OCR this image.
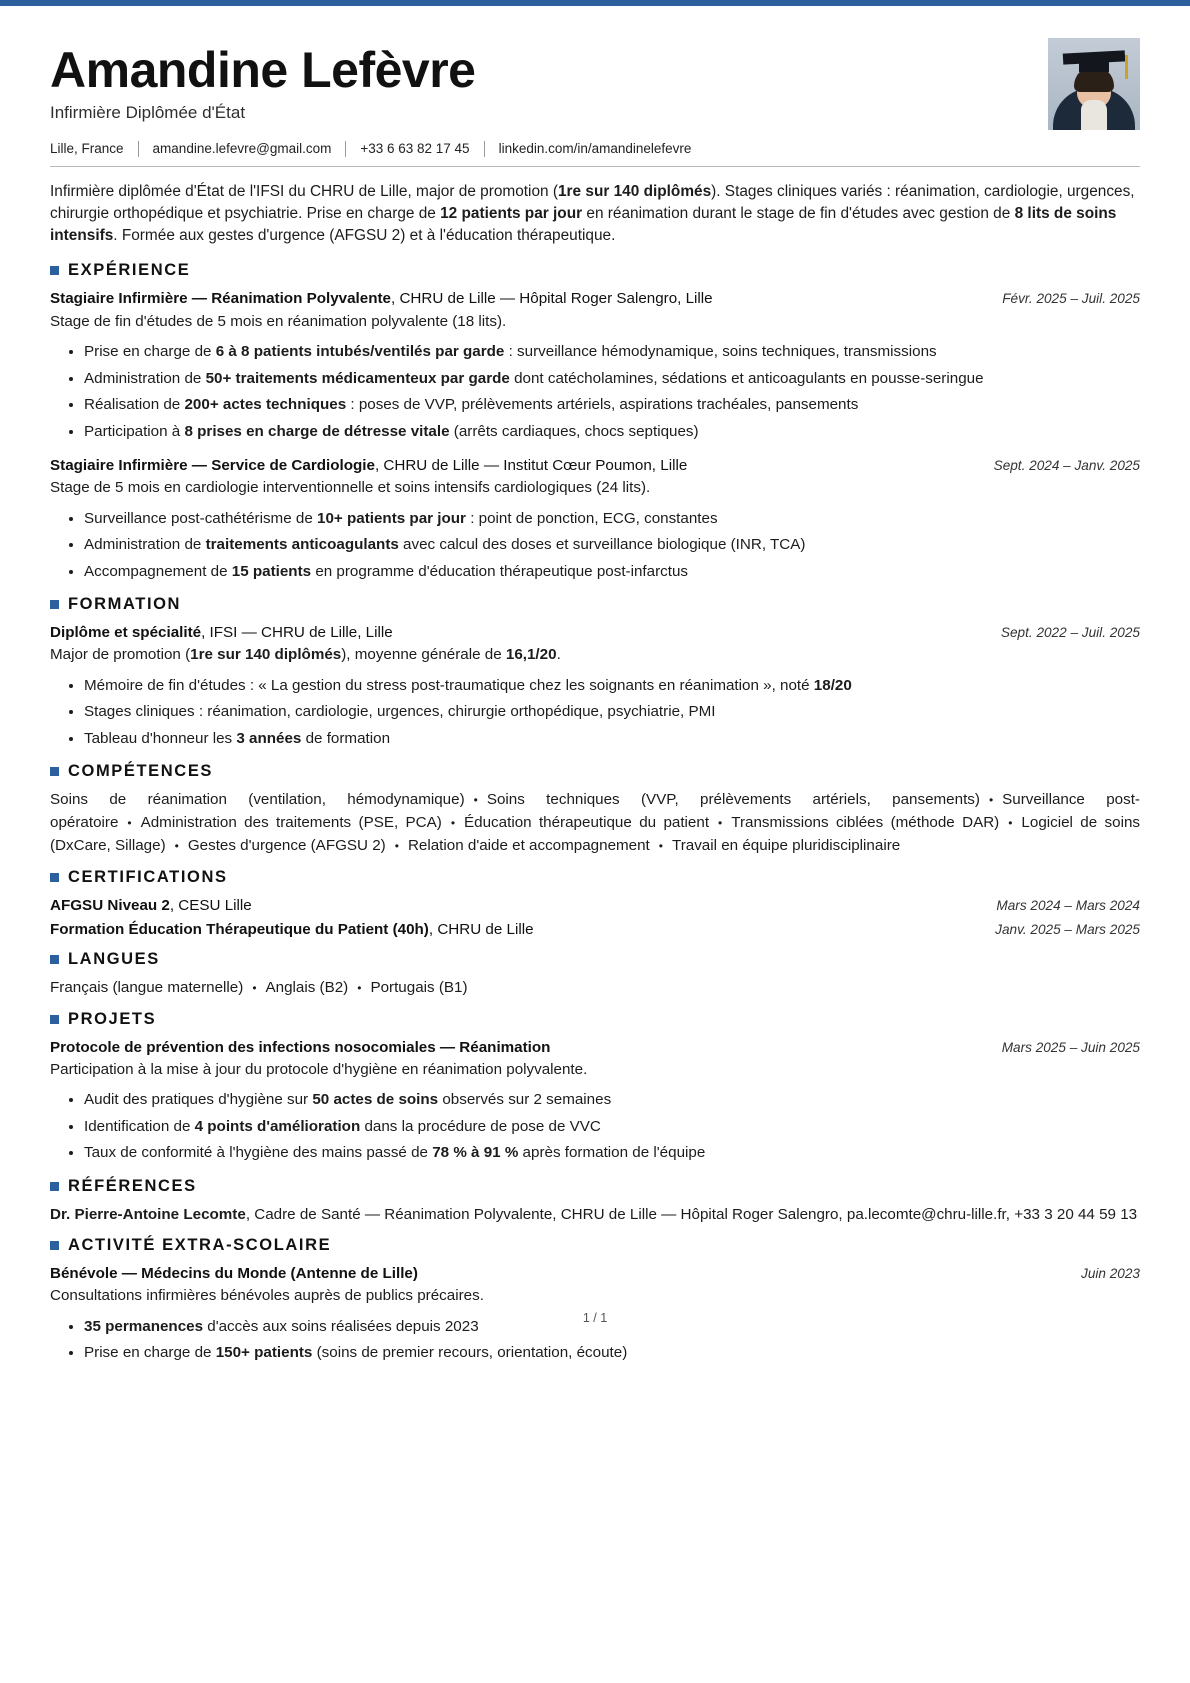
Amandine Lefèvre
Infirmière Diplômée d'État
Lille, France amandine.lefevre@gmail.com +33 6 63 82 17 45 linkedin.com/in/amandinelefevre

Infirmière diplômée d'État de l'IFSI du CHRU de Lille, major de promotion (1re sur 140 diplômés). Stages cliniques variés : réanimation, cardiologie, urgences, chirurgie orthopédique et psychiatrie. Prise en charge de 12 patients par jour en réanimation durant le stage de fin d'études avec gestion de 8 lits de soins intensifs. Formée aux gestes d'urgence (AFGSU 2) et à l'éducation thérapeutique.

EXPÉRIENCE
Stagiaire Infirmière — Réanimation Polyvalente, CHRU de Lille — Hôpital Roger Salengro, Lille	Févr. 2025 – Juil. 2025
Stage de fin d'études de 5 mois en réanimation polyvalente (18 lits).
• Prise en charge de 6 à 8 patients intubés/ventilés par garde : surveillance hémodynamique, soins techniques, transmissions
• Administration de 50+ traitements médicamenteux par garde dont catécholamines, sédations et anticoagulants en pousse-seringue
• Réalisation de 200+ actes techniques : poses de VVP, prélèvements artériels, aspirations trachéales, pansements
• Participation à 8 prises en charge de détresse vitale (arrêts cardiaques, chocs septiques)
Stagiaire Infirmière — Service de Cardiologie, CHRU de Lille — Institut Cœur Poumon, Lille	Sept. 2024 – Janv. 2025
Stage de 5 mois en cardiologie interventionnelle et soins intensifs cardiologiques (24 lits).
• Surveillance post-cathétérisme de 10+ patients par jour : point de ponction, ECG, constantes
• Administration de traitements anticoagulants avec calcul des doses et surveillance biologique (INR, TCA)
• Accompagnement de 15 patients en programme d'éducation thérapeutique post-infarctus
FORMATION
Diplôme et spécialité, IFSI — CHRU de Lille, Lille	Sept. 2022 – Juil. 2025
Major de promotion (1re sur 140 diplômés), moyenne générale de 16,1/20.
• Mémoire de fin d'études : « La gestion du stress post-traumatique chez les soignants en réanimation », noté 18/20
• Stages cliniques : réanimation, cardiologie, urgences, chirurgie orthopédique, psychiatrie, PMI
• Tableau d'honneur les 3 années de formation
COMPÉTENCES
Soins de réanimation (ventilation, hémodynamique) • Soins techniques (VVP, prélèvements artériels, pansements) • Surveillance post-opératoire • Administration des traitements (PSE, PCA) • Éducation thérapeutique du patient • Transmissions ciblées (méthode DAR) • Logiciel de soins (DxCare, Sillage) • Gestes d'urgence (AFGSU 2) • Relation d'aide et accompagnement • Travail en équipe pluridisciplinaire
CERTIFICATIONS
AFGSU Niveau 2, CESU Lille	Mars 2024 – Mars 2024
Formation Éducation Thérapeutique du Patient (40h), CHRU de Lille	Janv. 2025 – Mars 2025
LANGUES
Français (langue maternelle) • Anglais (B2) • Portugais (B1)
PROJETS
Protocole de prévention des infections nosocomiales — Réanimation	Mars 2025 – Juin 2025
Participation à la mise à jour du protocole d'hygiène en réanimation polyvalente.
• Audit des pratiques d'hygiène sur 50 actes de soins observés sur 2 semaines
• Identification de 4 points d'amélioration dans la procédure de pose de VVC
• Taux de conformité à l'hygiène des mains passé de 78 % à 91 % après formation de l'équipe
RÉFÉRENCES
Dr. Pierre-Antoine Lecomte, Cadre de Santé — Réanimation Polyvalente, CHRU de Lille — Hôpital Roger Salengro, pa.lecomte@chru-lille.fr, +33 3 20 44 59 13
ACTIVITÉ EXTRA-SCOLAIRE
Bénévole — Médecins du Monde (Antenne de Lille)	Juin 2023
Consultations infirmières bénévoles auprès de publics précaires.
• 35 permanences d'accès aux soins réalisées depuis 2023
• Prise en charge de 150+ patients (soins de premier recours, orientation, écoute)
1 / 1
